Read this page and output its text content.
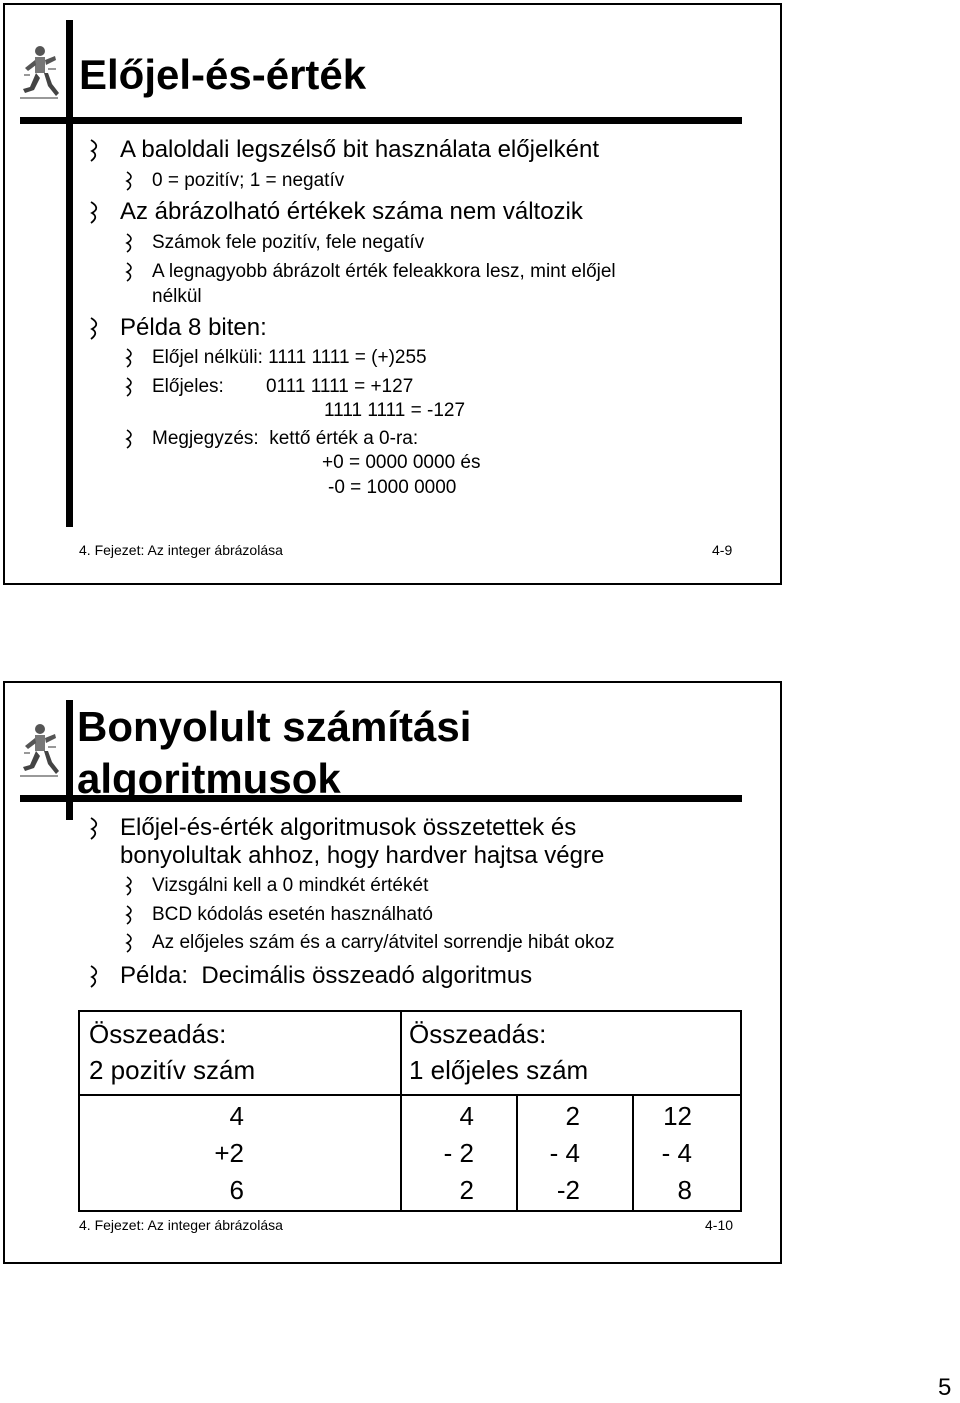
Előjel-és-érték
A baloldali legszélső bit használata előjelként
0 = pozitív; 1 = negatív
Az ábrázolható értékek száma nem változik
Számok fele pozitív, fele negatív
A legnagyobb ábrázolt érték feleakkora lesz, mint előjel
nélkül
Példa 8 biten:
Előjel nélküli: 1111 1111 = (+)255
Előjeles:        0111 1111 = +127
1111 1111 = -127
Megjegyzés:  kettő érték a 0-ra:
+0 = 0000 0000 és
-0 = 1000 0000
4. Fejezet: Az integer ábrázolása	4-9
Bonyolult számítási
algoritmusok
Előjel-és-érték algoritmusok összetettek és
bonyolultak ahhoz, hogy hardver hajtsa végre
Vizsgálni kell a 0 mindkét értékét
BCD kódolás esetén használható
Az előjeles szám és a carry/átvitel sorrendje hibát okoz
Példa:  Decimális összeadó algoritmus
Összeadás:
2 pozitív szám
Összeadás:
1 előjeles szám
4
+2
6
4
- 2
2
2
- 4
-2
12
- 4
8
4. Fejezet: Az integer ábrázolása	4-10
5
